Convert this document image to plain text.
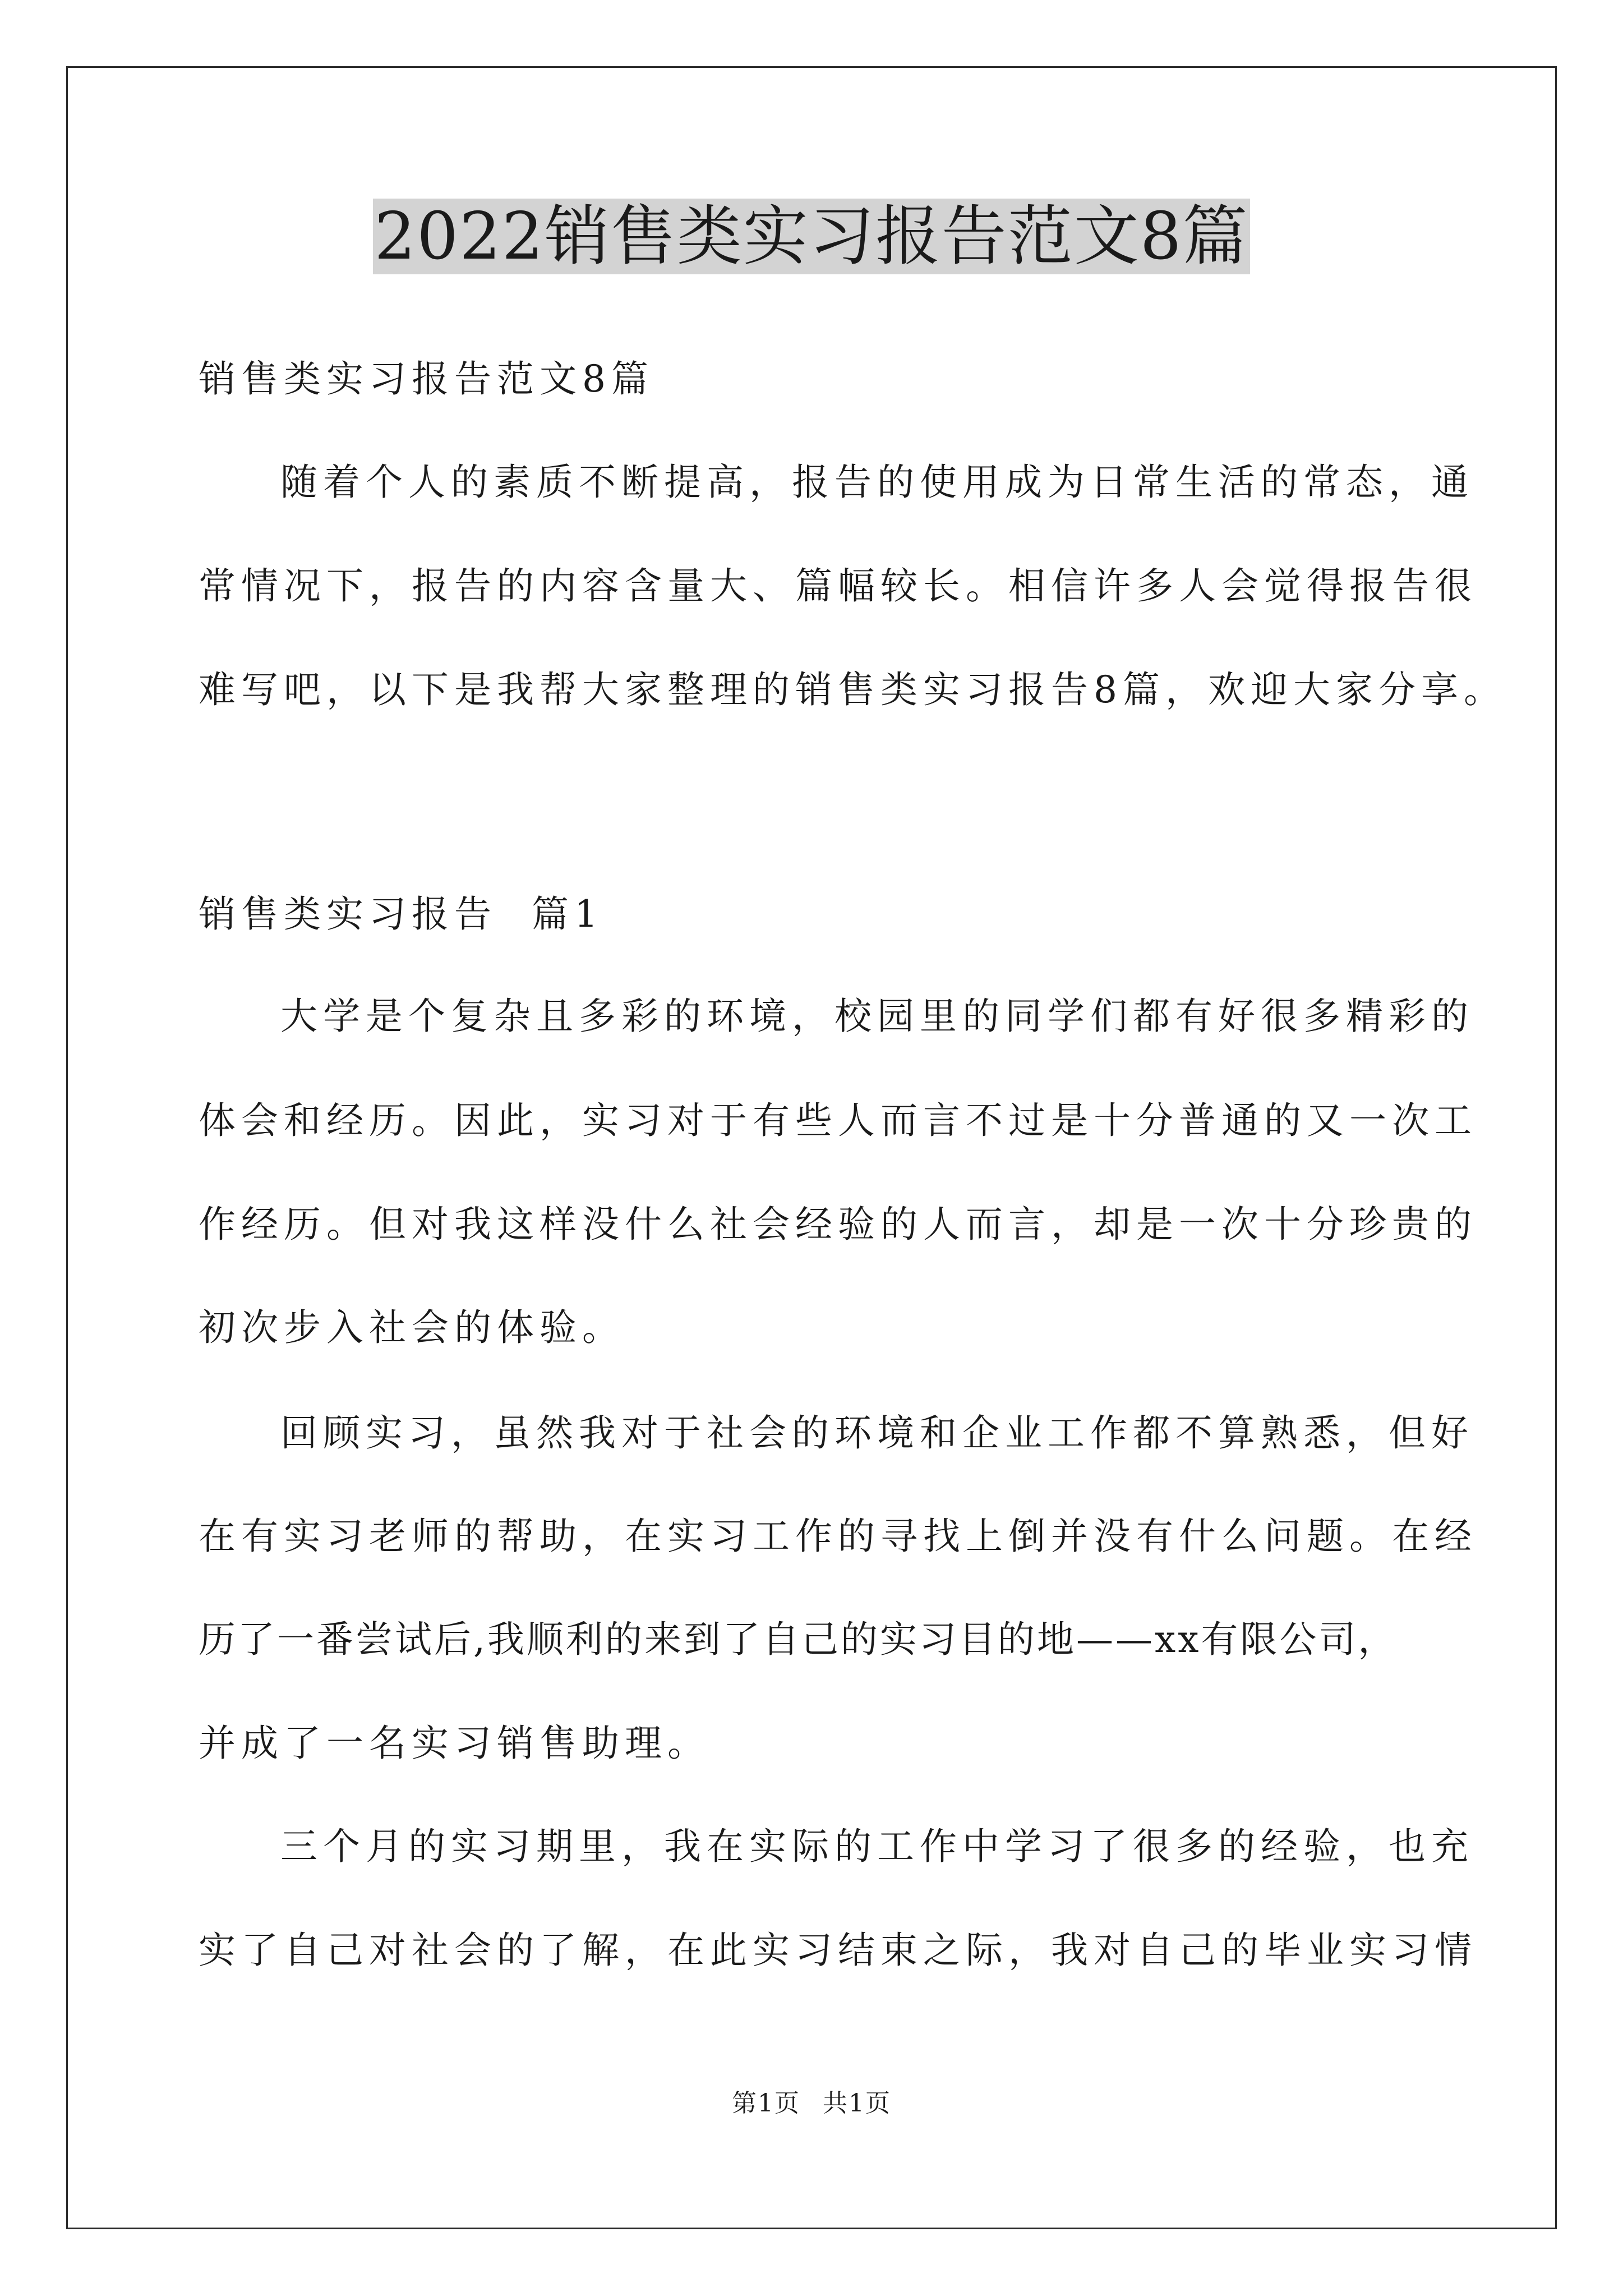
2022销售类实习报告范文8篇
销售类实习报告范文8篇
随着个人的素质不断提高，报告的使用成为日常生活的常态，通
常情况下，报告的内容含量大、篇幅较长。相信许多人会觉得报告很
难写吧，以下是我帮大家整理的销售类实习报告8篇，欢迎大家分享。
销售类实习报告  篇1
大学是个复杂且多彩的环境，校园里的同学们都有好很多精彩的
体会和经历。因此，实习对于有些人而言不过是十分普通的又一次工
作经历。但对我这样没什么社会经验的人而言，却是一次十分珍贵的
初次步入社会的体验。
回顾实习，虽然我对于社会的环境和企业工作都不算熟悉，但好
在有实习老师的帮助，在实习工作的寻找上倒并没有什么问题。在经
历了一番尝试后,我顺利的来到了自己的实习目的地——xx有限公司，
并成了一名实习销售助理。
三个月的实习期里，我在实际的工作中学习了很多的经验，也充
实了自己对社会的了解，在此实习结束之际，我对自己的毕业实习情
第1页 共1页
